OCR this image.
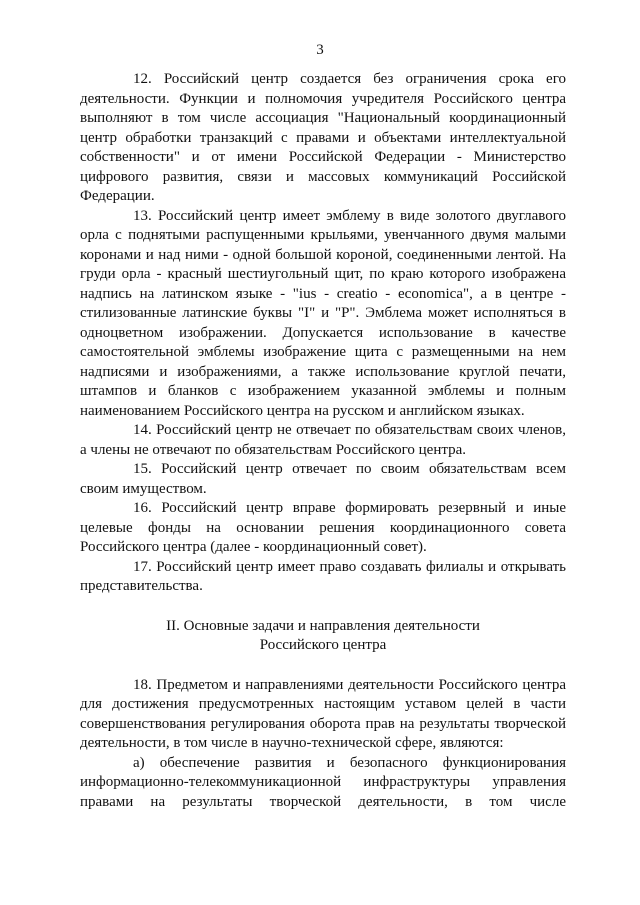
3

12. Российский центр создается без ограничения срока его деятельности. Функции и полномочия учредителя Российского центра выполняют в том числе ассоциация "Национальный координационный центр обработки транзакций с правами и объектами интеллектуальной собственности" и от имени Российской Федерации - Министерство цифрового развития, связи и массовых коммуникаций Российской Федерации.

13. Российский центр имеет эмблему в виде золотого двуглавого орла с поднятыми распущенными крыльями, увенчанного двумя малыми коронами и над ними - одной большой короной, соединенными лентой. На груди орла - красный шестиугольный щит, по краю которого изображена надпись на латинском языке - "ius - creatio - economica", а в центре - стилизованные латинские буквы "I" и "P". Эмблема может исполняться в одноцветном изображении. Допускается использование в качестве самостоятельной эмблемы изображение щита с размещенными на нем надписями и изображениями, а также использование круглой печати, штампов и бланков с изображением указанной эмблемы и полным наименованием Российского центра на русском и английском языках.

14. Российский центр не отвечает по обязательствам своих членов, а члены не отвечают по обязательствам Российского центра.

15. Российский центр отвечает по своим обязательствам всем своим имуществом.

16. Российский центр вправе формировать резервный и иные целевые фонды на основании решения координационного совета Российского центра (далее - координационный совет).

17. Российский центр имеет право создавать филиалы и открывать представительства.

II. Основные задачи и направления деятельности
Российского центра

18. Предметом и направлениями деятельности Российского центра для достижения предусмотренных настоящим уставом целей в части совершенствования регулирования оборота прав на результаты творческой деятельности, в том числе в научно-технической сфере, являются:

а) обеспечение развития и безопасного функционирования информационно-телекоммуникационной инфраструктуры управления правами на результаты творческой деятельности, в том числе
